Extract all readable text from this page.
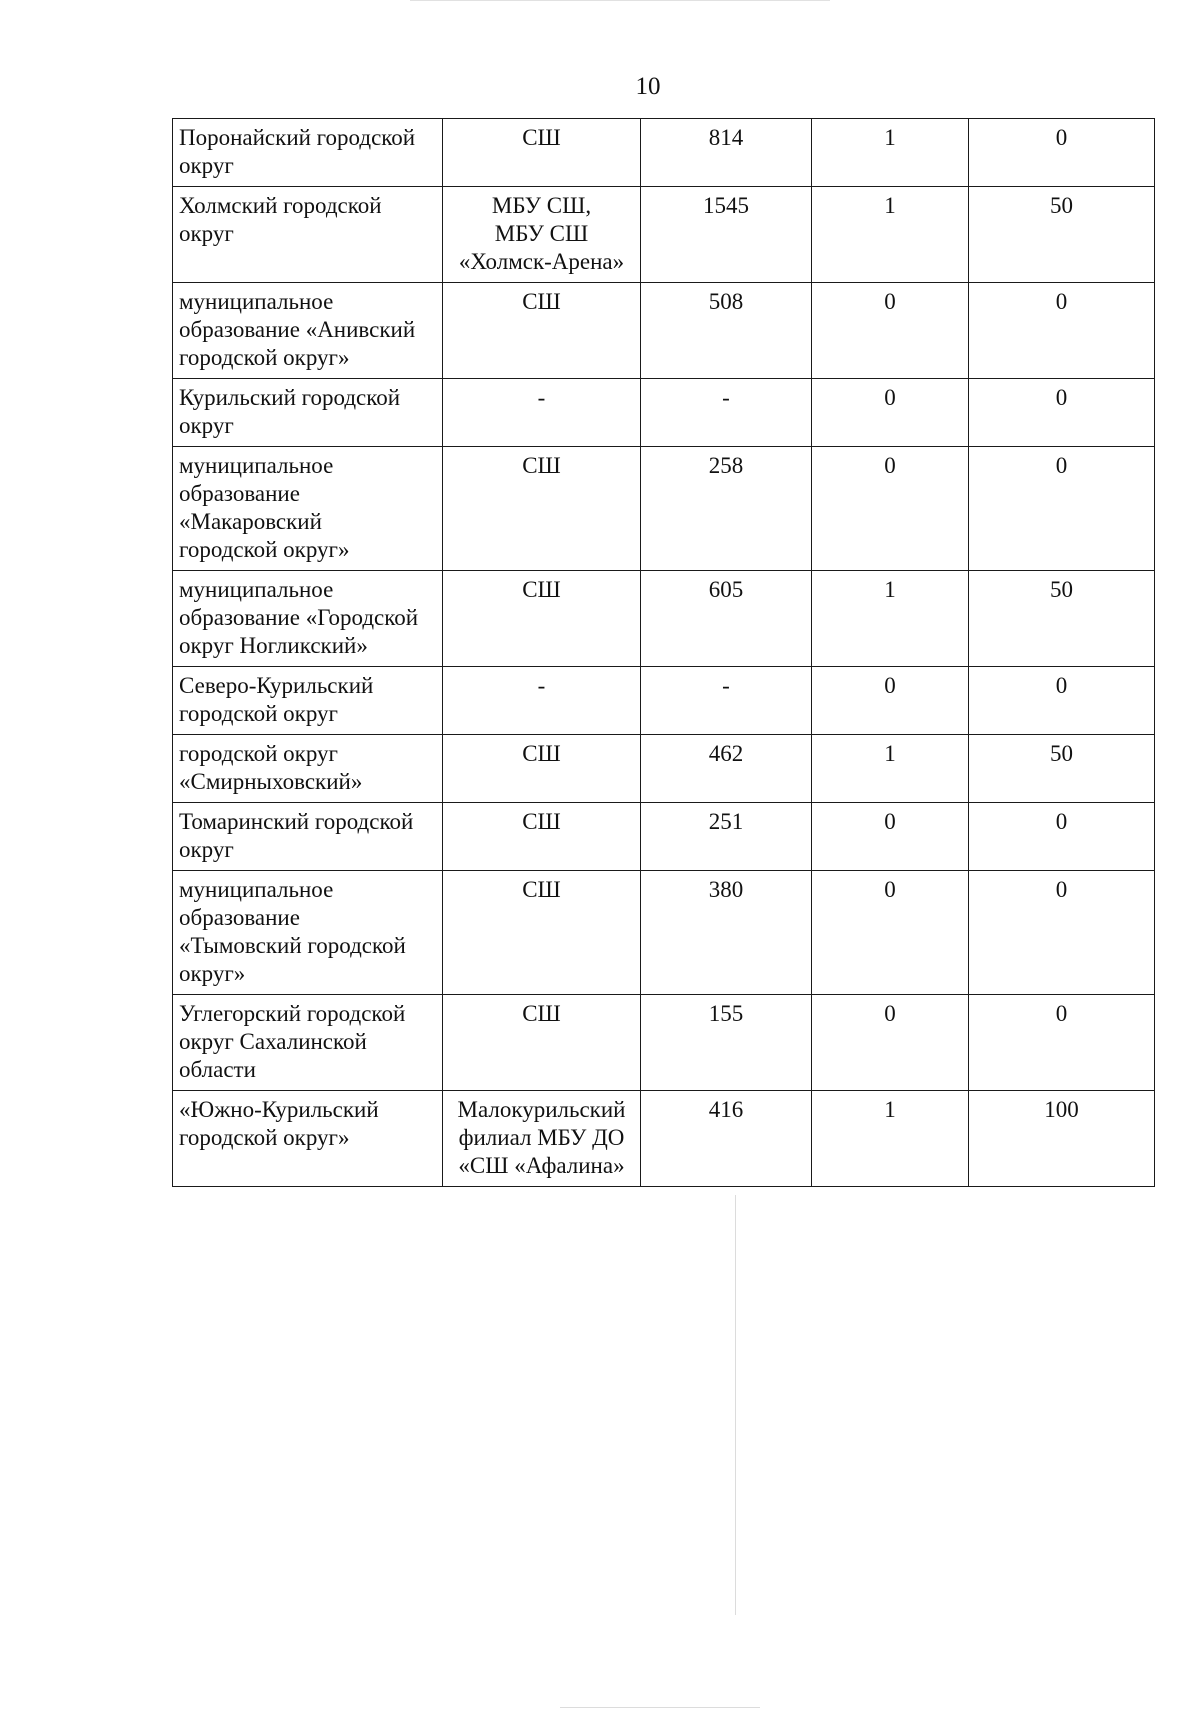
10
Поронайский городской
округ	СШ	814	1	0

Холмский городской
округ	МБУ СШ,
МБУ СШ
«Холмск-Арена»	1545	1	50

муниципальное
образование «Анивский
городской округ»	СШ	508	0	0

Курильский городской
округ	-	-	0	0

муниципальное
образование
«Макаровский
городской округ»	СШ	258	0	0

муниципальное
образование «Городской
округ Ногликский»	СШ	605	1	50

Северо-Курильский
городской округ	-	-	0	0

городской округ
«Смирныховский»	СШ	462	1	50

Томаринский городской
округ	СШ	251	0	0

муниципальное
образование
«Тымовский городской
округ»	СШ	380	0	0

Углегорский городской
округ Сахалинской
области	СШ	155	0	0

«Южно-Курильский
городской округ»	Малокурильский
филиал МБУ ДО
«СШ «Афалина»	416	1	100
